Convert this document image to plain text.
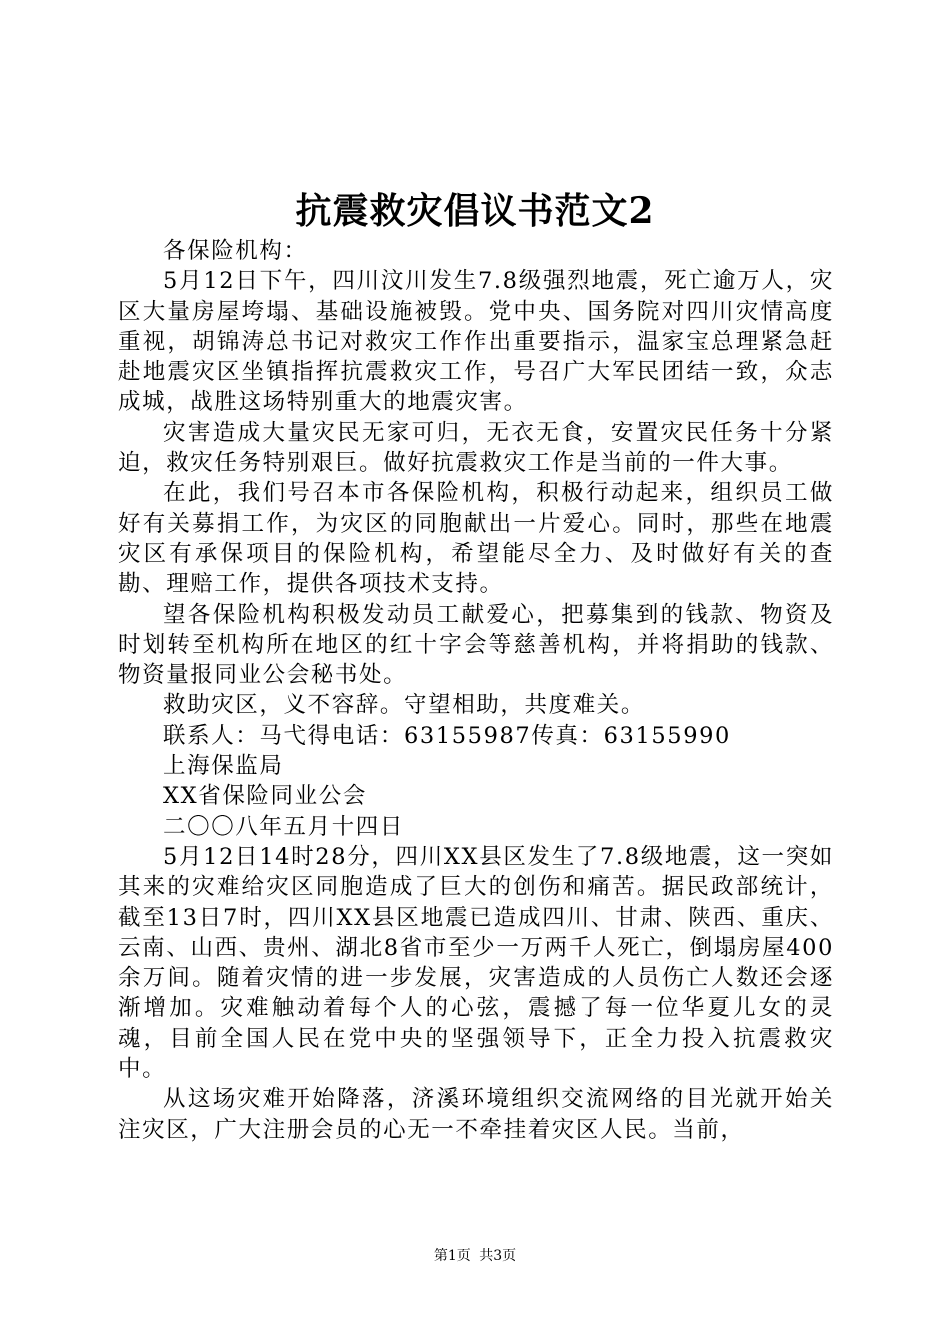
抗震救灾倡议书范文2

各保险机构：

5月12日下午，四川汶川发生7.8级强烈地震，死亡逾万人，灾区大量房屋垮塌、基础设施被毁。党中央、国务院对四川灾情高度重视，胡锦涛总书记对救灾工作作出重要指示，温家宝总理紧急赶赴地震灾区坐镇指挥抗震救灾工作，号召广大军民团结一致，众志成城，战胜这场特别重大的地震灾害。

灾害造成大量灾民无家可归，无衣无食，安置灾民任务十分紧迫，救灾任务特别艰巨。做好抗震救灾工作是当前的一件大事。

在此，我们号召本市各保险机构，积极行动起来，组织员工做好有关募捐工作，为灾区的同胞献出一片爱心。同时，那些在地震灾区有承保项目的保险机构，希望能尽全力、及时做好有关的查勘、理赔工作，提供各项技术支持。

望各保险机构积极发动员工献爱心，把募集到的钱款、物资及时划转至机构所在地区的红十字会等慈善机构，并将捐助的钱款、物资量报同业公会秘书处。

救助灾区，义不容辞。守望相助，共度难关。

联系人：马弋得电话：63155987传真：63155990

上海保监局

XX省保险同业公会

二〇〇八年五月十四日

5月12日14时28分，四川XX县区发生了7.8级地震，这一突如其来的灾难给灾区同胞造成了巨大的创伤和痛苦。据民政部统计，截至13日7时，四川XX县区地震已造成四川、甘肃、陕西、重庆、云南、山西、贵州、湖北8省市至少一万两千人死亡，倒塌房屋400余万间。随着灾情的进一步发展，灾害造成的人员伤亡人数还会逐渐增加。灾难触动着每个人的心弦，震撼了每一位华夏儿女的灵魂，目前全国人民在党中央的坚强领导下，正全力投入抗震救灾中。

从这场灾难开始降落，济溪环境组织交流网络的目光就开始关注灾区，广大注册会员的心无一不牵挂着灾区人民。当前，

第1页 共3页
